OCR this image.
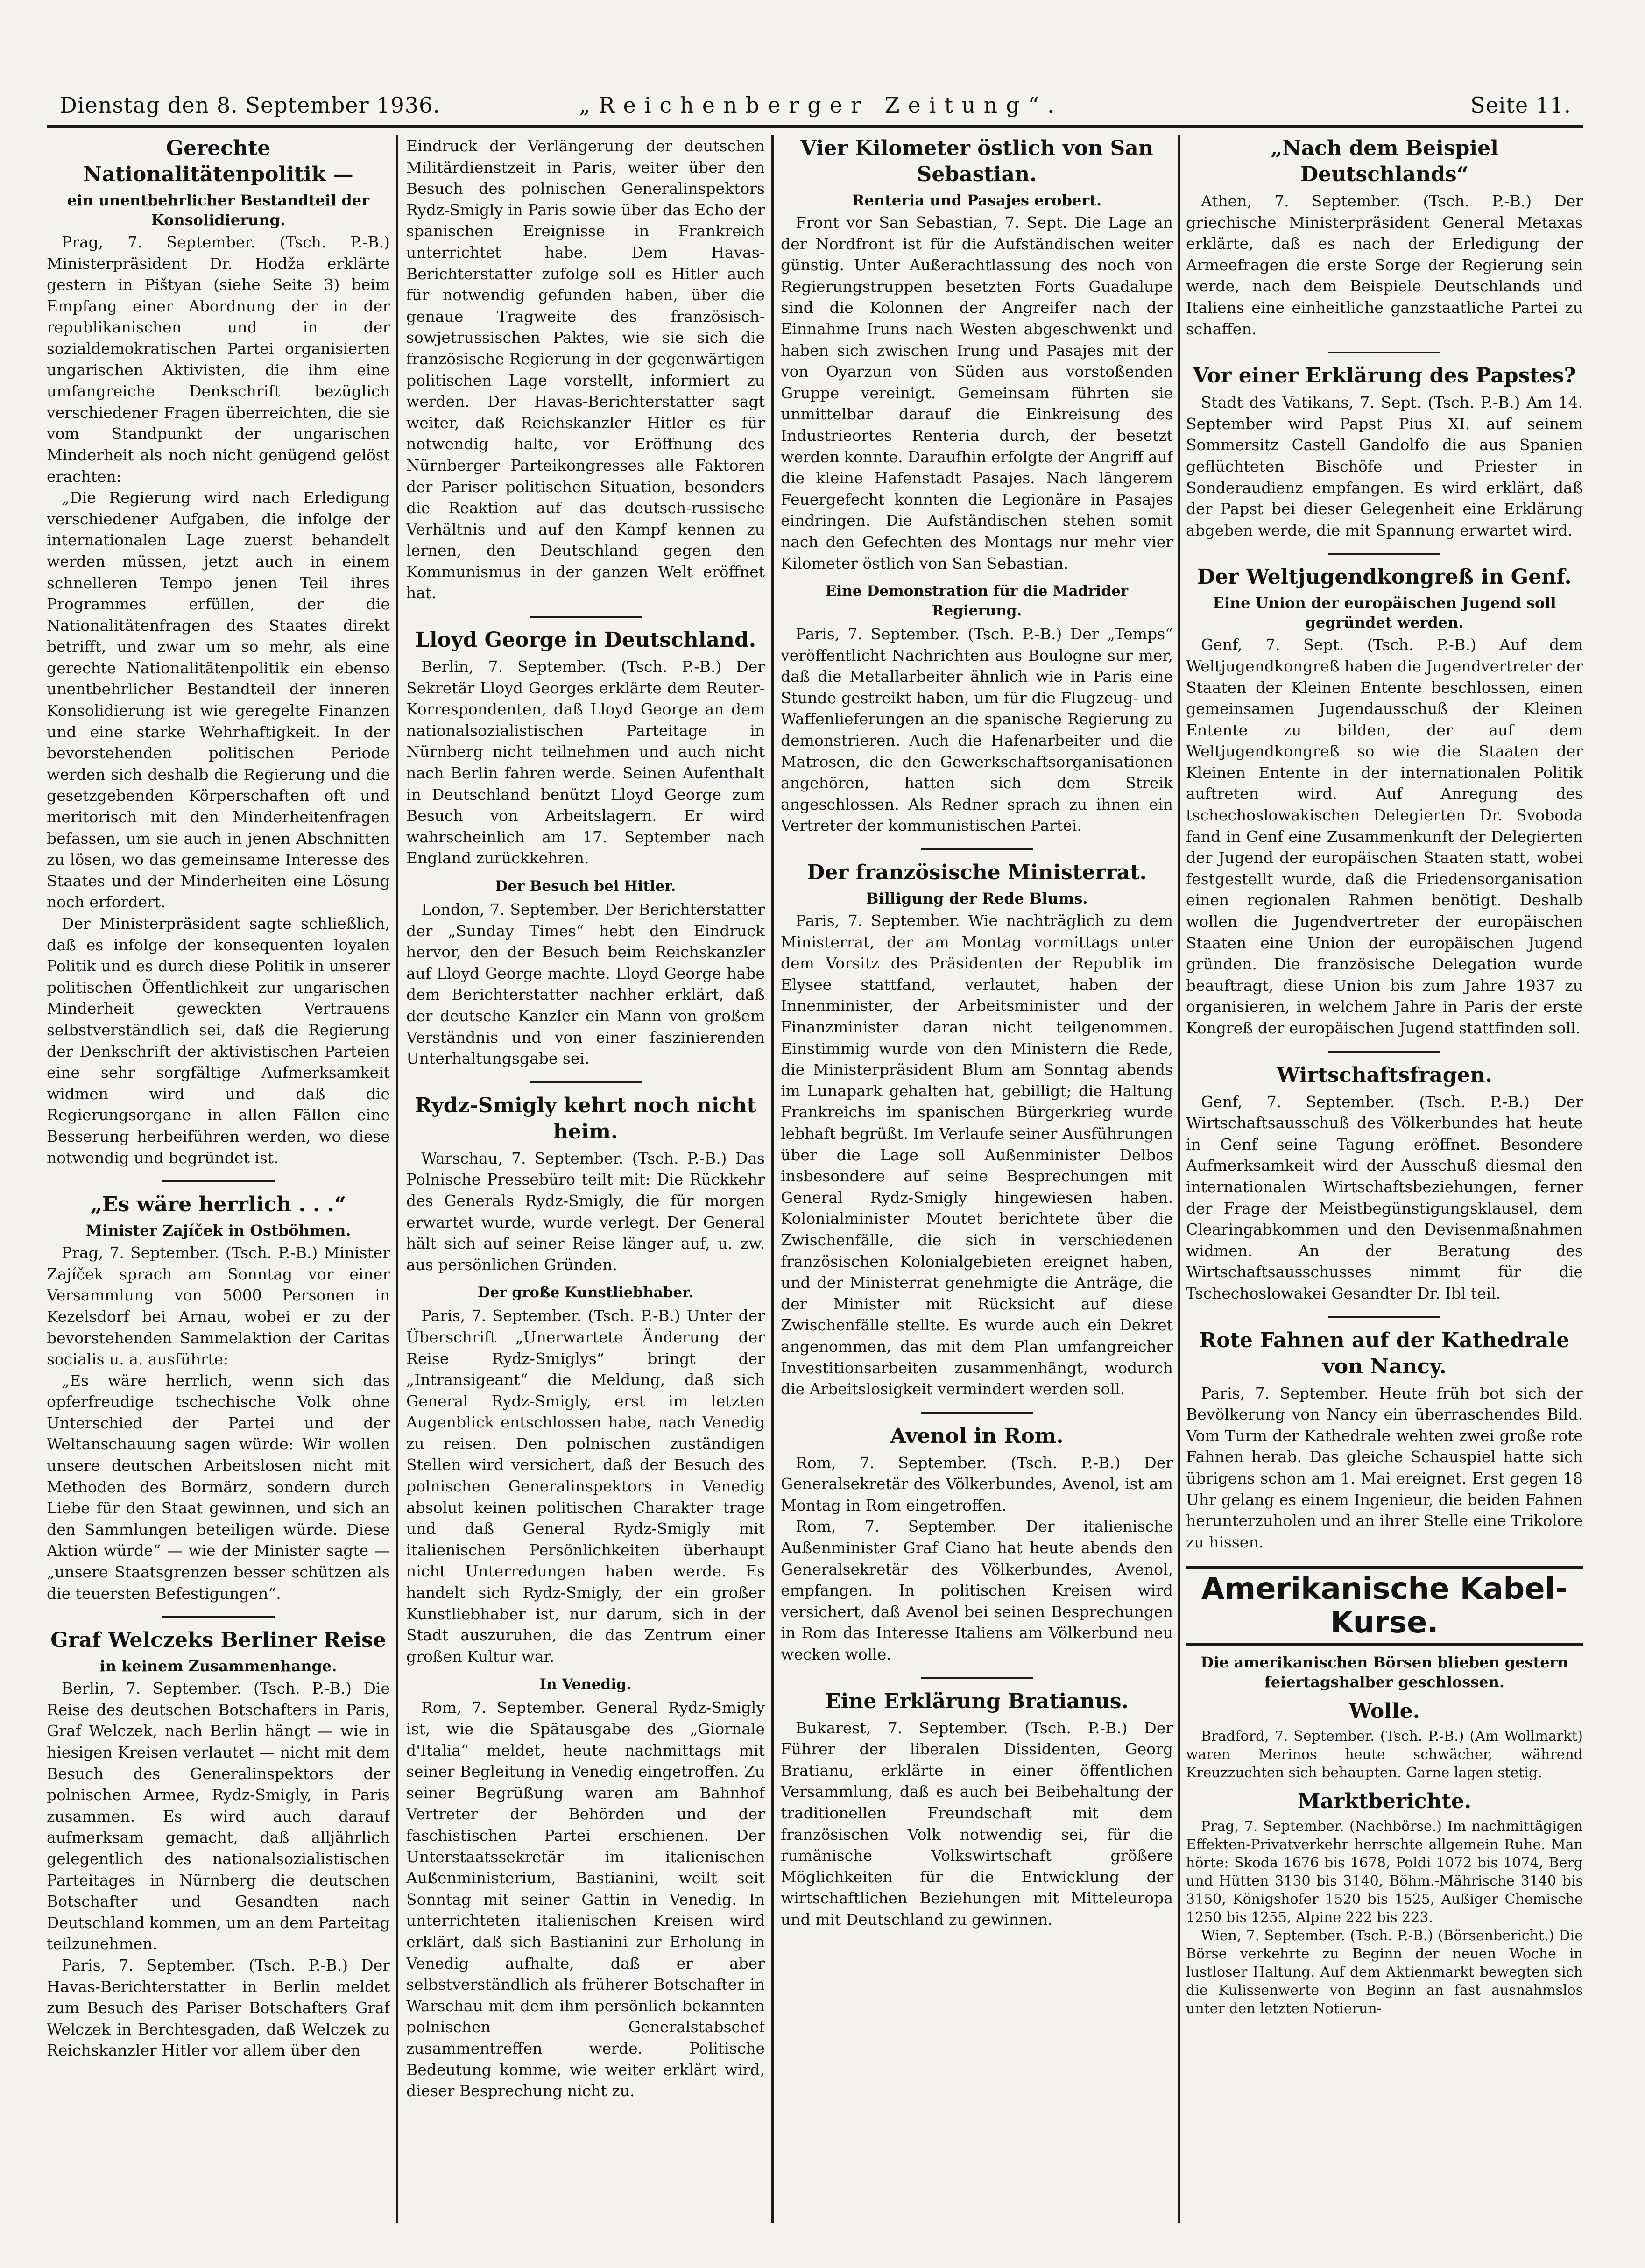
Dienstag den 8. September 1936.	„Reichenberger Zeitung“.	Seite 11.
Gerechte Nationalitätenpolitik —
ein unentbehrlicher Bestandteil der Konsolidierung.

Prag, 7. September. (Tsch. P.-B.) Ministerpräsident Dr. Hodža erklärte gestern in Pištyan (siehe Seite 3) beim Empfang einer Abordnung der in der republikanischen und in der sozialdemokratischen Partei organisierten ungarischen Aktivisten, die ihm eine umfangreiche Denkschrift bezüglich verschiedener Fragen überreichten, die sie vom Standpunkt der ungarischen Minderheit als noch nicht genügend gelöst erachten:

„Die Regierung wird nach Erledigung verschiedener Aufgaben, die infolge der internationalen Lage zuerst behandelt werden müssen, jetzt auch in einem schnelleren Tempo jenen Teil ihres Programmes erfüllen, der die Nationalitätenfragen des Staates direkt betrifft, und zwar um so mehr, als eine gerechte Nationalitätenpolitik ein ebenso unentbehrlicher Bestandteil der inneren Konsolidierung ist wie geregelte Finanzen und eine starke Wehrhaftigkeit. In der bevorstehenden politischen Periode werden sich deshalb die Regierung und die gesetzgebenden Körperschaften oft und meritorisch mit den Minderheitenfragen befassen, um sie auch in jenen Abschnitten zu lösen, wo das gemeinsame Interesse des Staates und der Minderheiten eine Lösung noch erfordert.

Der Ministerpräsident sagte schließlich, daß es infolge der konsequenten loyalen Politik und es durch diese Politik in unserer politischen Öffentlichkeit zur ungarischen Minderheit geweckten Vertrauens selbstverständlich sei, daß die Regierung der Denkschrift der aktivistischen Parteien eine sehr sorgfältige Aufmerksamkeit widmen wird und daß die Regierungsorgane in allen Fällen eine Besserung herbeiführen werden, wo diese notwendig und begründet ist.

„Es wäre herrlich . . .“
Minister Zajíček in Ostböhmen.

Prag, 7. September. (Tsch. P.-B.) Minister Zajíček sprach am Sonntag vor einer Versammlung von 5000 Personen in Kezelsdorf bei Arnau, wobei er zu der bevorstehenden Sammelaktion der Caritas socialis u. a. ausführte:

„Es wäre herrlich, wenn sich das opferfreudige tschechische Volk ohne Unterschied der Partei und der Weltanschauung sagen würde: Wir wollen unsere deutschen Arbeitslosen nicht mit Methoden des Bormärz, sondern durch Liebe für den Staat gewinnen, und sich an den Sammlungen beteiligen würde. Diese Aktion würde“ — wie der Minister sagte — „unsere Staatsgrenzen besser schützen als die teuersten Befestigungen“.

Graf Welczeks Berliner Reise
in keinem Zusammenhange.

Berlin, 7. September. (Tsch. P.-B.) Die Reise des deutschen Botschafters in Paris, Graf Welczek, nach Berlin hängt — wie in hiesigen Kreisen verlautet — nicht mit dem Besuch des Generalinspektors der polnischen Armee, Rydz-Smigly, in Paris zusammen. Es wird auch darauf aufmerksam gemacht, daß alljährlich gelegentlich des nationalsozialistischen Parteitages in Nürnberg die deutschen Botschafter und Gesandten nach Deutschland kommen, um an dem Parteitag teilzunehmen.

Paris, 7. September. (Tsch. P.-B.) Der Havas-Berichterstatter in Berlin meldet zum Besuch des Pariser Botschafters Graf Welczek in Berchtesgaden, daß Welczek zu Reichskanzler Hitler vor allem über den

Eindruck der Verlängerung der deutschen Militärdienstzeit in Paris, weiter über den Besuch des polnischen Generalinspektors Rydz-Smigly in Paris sowie über das Echo der spanischen Ereignisse in Frankreich unterrichtet habe. Dem Havas-Berichterstatter zufolge soll es Hitler auch für notwendig gefunden haben, über die genaue Tragweite des französisch-sowjetrussischen Paktes, wie sie sich die französische Regierung in der gegenwärtigen politischen Lage vorstellt, informiert zu werden. Der Havas-Berichterstatter sagt weiter, daß Reichskanzler Hitler es für notwendig halte, vor Eröffnung des Nürnberger Parteikongresses alle Faktoren der Pariser politischen Situation, besonders die Reaktion auf das deutsch-russische Verhältnis und auf den Kampf kennen zu lernen, den Deutschland gegen den Kommunismus in der ganzen Welt eröffnet hat.

Lloyd George in Deutschland.

Berlin, 7. September. (Tsch. P.-B.) Der Sekretär Lloyd Georges erklärte dem Reuter-Korrespondenten, daß Lloyd George an dem nationalsozialistischen Parteitage in Nürnberg nicht teilnehmen und auch nicht nach Berlin fahren werde. Seinen Aufenthalt in Deutschland benützt Lloyd George zum Besuch von Arbeitslagern. Er wird wahrscheinlich am 17. September nach England zurückkehren.

Der Besuch bei Hitler.

London, 7. September. Der Berichterstatter der „Sunday Times“ hebt den Eindruck hervor, den der Besuch beim Reichskanzler auf Lloyd George machte. Lloyd George habe dem Berichterstatter nachher erklärt, daß der deutsche Kanzler ein Mann von großem Verständnis und von einer faszinierenden Unterhaltungsgabe sei.

Rydz-Smigly kehrt noch nicht heim.

Warschau, 7. September. (Tsch. P.-B.) Das Polnische Pressebüro teilt mit: Die Rückkehr des Generals Rydz-Smigly, die für morgen erwartet wurde, wurde verlegt. Der General hält sich auf seiner Reise länger auf, u. zw. aus persönlichen Gründen.

Der große Kunstliebhaber.

Paris, 7. September. (Tsch. P.-B.) Unter der Überschrift „Unerwartete Änderung der Reise Rydz-Smiglys“ bringt der „Intransigeant“ die Meldung, daß sich General Rydz-Smigly, erst im letzten Augenblick entschlossen habe, nach Venedig zu reisen. Den polnischen zuständigen Stellen wird versichert, daß der Besuch des polnischen Generalinspektors in Venedig absolut keinen politischen Charakter trage und daß General Rydz-Smigly mit italienischen Persönlichkeiten überhaupt nicht Unterredungen haben werde. Es handelt sich Rydz-Smigly, der ein großer Kunstliebhaber ist, nur darum, sich in der Stadt auszuruhen, die das Zentrum einer großen Kultur war.

In Venedig.

Rom, 7. September. General Rydz-Smigly ist, wie die Spätausgabe des „Giornale d'Italia“ meldet, heute nachmittags mit seiner Begleitung in Venedig eingetroffen. Zu seiner Begrüßung waren am Bahnhof Vertreter der Behörden und der faschistischen Partei erschienen. Der Unterstaatssekretär im italienischen Außenministerium, Bastianini, weilt seit Sonntag mit seiner Gattin in Venedig. In unterrichteten italienischen Kreisen wird erklärt, daß sich Bastianini zur Erholung in Venedig aufhalte, daß er aber selbstverständlich als früherer Botschafter in Warschau mit dem ihm persönlich bekannten polnischen Generalstabschef zusammentreffen werde. Politische Bedeutung komme, wie weiter erklärt wird, dieser Besprechung nicht zu.

Vier Kilometer östlich von San Sebastian.
Renteria und Pasajes erobert.

Front vor San Sebastian, 7. Sept. Die Lage an der Nordfront ist für die Aufständischen weiter günstig. Unter Außerachtlassung des noch von Regierungstruppen besetzten Forts Guadalupe sind die Kolonnen der Angreifer nach der Einnahme Iruns nach Westen abgeschwenkt und haben sich zwischen Irung und Pasajes mit der von Oyarzun von Süden aus vorstoßenden Gruppe vereinigt. Gemeinsam führten sie unmittelbar darauf die Einkreisung des Industrieortes Renteria durch, der besetzt werden konnte. Daraufhin erfolgte der Angriff auf die kleine Hafenstadt Pasajes. Nach längerem Feuergefecht konnten die Legionäre in Pasajes eindringen. Die Aufständischen stehen somit nach den Gefechten des Montags nur mehr vier Kilometer östlich von San Sebastian.

Eine Demonstration für die Madrider Regierung.

Paris, 7. September. (Tsch. P.-B.) Der „Temps“ veröffentlicht Nachrichten aus Boulogne sur mer, daß die Metallarbeiter ähnlich wie in Paris eine Stunde gestreikt haben, um für die Flugzeug- und Waffenlieferungen an die spanische Regierung zu demonstrieren. Auch die Hafenarbeiter und die Matrosen, die den Gewerkschaftsorganisationen angehören, hatten sich dem Streik angeschlossen. Als Redner sprach zu ihnen ein Vertreter der kommunistischen Partei.

Der französische Ministerrat.
Billigung der Rede Blums.

Paris, 7. September. Wie nachträglich zu dem Ministerrat, der am Montag vormittags unter dem Vorsitz des Präsidenten der Republik im Elysee stattfand, verlautet, haben der Innenminister, der Arbeitsminister und der Finanzminister daran nicht teilgenommen. Einstimmig wurde von den Ministern die Rede, die Ministerpräsident Blum am Sonntag abends im Lunapark gehalten hat, gebilligt; die Haltung Frankreichs im spanischen Bürgerkrieg wurde lebhaft begrüßt. Im Verlaufe seiner Ausführungen über die Lage soll Außenminister Delbos insbesondere auf seine Besprechungen mit General Rydz-Smigly hingewiesen haben. Kolonialminister Moutet berichtete über die Zwischenfälle, die sich in verschiedenen französischen Kolonialgebieten ereignet haben, und der Ministerrat genehmigte die Anträge, die der Minister mit Rücksicht auf diese Zwischenfälle stellte. Es wurde auch ein Dekret angenommen, das mit dem Plan umfangreicher Investitionsarbeiten zusammenhängt, wodurch die Arbeitslosigkeit vermindert werden soll.

Avenol in Rom.

Rom, 7. September. (Tsch. P.-B.) Der Generalsekretär des Völkerbundes, Avenol, ist am Montag in Rom eingetroffen.

Rom, 7. September. Der italienische Außenminister Graf Ciano hat heute abends den Generalsekretär des Völkerbundes, Avenol, empfangen. In politischen Kreisen wird versichert, daß Avenol bei seinen Besprechungen in Rom das Interesse Italiens am Völkerbund neu wecken wolle.

Eine Erklärung Bratianus.

Bukarest, 7. September. (Tsch. P.-B.) Der Führer der liberalen Dissidenten, Georg Bratianu, erklärte in einer öffentlichen Versammlung, daß es auch bei Beibehaltung der traditionellen Freundschaft mit dem französischen Volk notwendig sei, für die rumänische Volkswirtschaft größere Möglichkeiten für die Entwicklung der wirtschaftlichen Beziehungen mit Mitteleuropa und mit Deutschland zu gewinnen.

„Nach dem Beispiel Deutschlands“

Athen, 7. September. (Tsch. P.-B.) Der griechische Ministerpräsident General Metaxas erklärte, daß es nach der Erledigung der Armeefragen die erste Sorge der Regierung sein werde, nach dem Beispiele Deutschlands und Italiens eine einheitliche ganzstaatliche Partei zu schaffen.

Vor einer Erklärung des Papstes?

Stadt des Vatikans, 7. Sept. (Tsch. P.-B.) Am 14. September wird Papst Pius XI. auf seinem Sommersitz Castell Gandolfo die aus Spanien geflüchteten Bischöfe und Priester in Sonderaudienz empfangen. Es wird erklärt, daß der Papst bei dieser Gelegenheit eine Erklärung abgeben werde, die mit Spannung erwartet wird.

Der Weltjugendkongreß in Genf.
Eine Union der europäischen Jugend soll gegründet werden.

Genf, 7. Sept. (Tsch. P.-B.) Auf dem Weltjugendkongreß haben die Jugendvertreter der Staaten der Kleinen Entente beschlossen, einen gemeinsamen Jugendausschuß der Kleinen Entente zu bilden, der auf dem Weltjugendkongreß so wie die Staaten der Kleinen Entente in der internationalen Politik auftreten wird. Auf Anregung des tschechoslowakischen Delegierten Dr. Svoboda fand in Genf eine Zusammenkunft der Delegierten der Jugend der europäischen Staaten statt, wobei festgestellt wurde, daß die Friedensorganisation einen regionalen Rahmen benötigt. Deshalb wollen die Jugendvertreter der europäischen Staaten eine Union der europäischen Jugend gründen. Die französische Delegation wurde beauftragt, diese Union bis zum Jahre 1937 zu organisieren, in welchem Jahre in Paris der erste Kongreß der europäischen Jugend stattfinden soll.

Wirtschaftsfragen.

Genf, 7. September. (Tsch. P.-B.) Der Wirtschaftsausschuß des Völkerbundes hat heute in Genf seine Tagung eröffnet. Besondere Aufmerksamkeit wird der Ausschuß diesmal den internationalen Wirtschaftsbeziehungen, ferner der Frage der Meistbegünstigungsklausel, dem Clearingabkommen und den Devisenmaßnahmen widmen. An der Beratung des Wirtschaftsausschusses nimmt für die Tschechoslowakei Gesandter Dr. Ibl teil.

Rote Fahnen auf der Kathedrale von Nancy.

Paris, 7. September. Heute früh bot sich der Bevölkerung von Nancy ein überraschendes Bild. Vom Turm der Kathedrale wehten zwei große rote Fahnen herab. Das gleiche Schauspiel hatte sich übrigens schon am 1. Mai ereignet. Erst gegen 18 Uhr gelang es einem Ingenieur, die beiden Fahnen herunterzuholen und an ihrer Stelle eine Trikolore zu hissen.

Amerikanische Kabel-Kurse.
Die amerikanischen Börsen blieben gestern feiertagshalber geschlossen.
Wolle.

Bradford, 7. September. (Tsch. P.-B.) (Am Wollmarkt) waren Merinos heute schwächer, während Kreuzzuchten sich behaupten. Garne lagen stetig.

Marktberichte.

Prag, 7. September. (Nachbörse.) Im nachmittägigen Effekten-Privatverkehr herrschte allgemein Ruhe. Man hörte: Skoda 1676 bis 1678, Poldi 1072 bis 1074, Berg und Hütten 3130 bis 3140, Böhm.-Mährische 3140 bis 3150, Königshofer 1520 bis 1525, Außiger Chemische 1250 bis 1255, Alpine 222 bis 223.

Wien, 7. September. (Tsch. P.-B.) (Börsenbericht.) Die Börse verkehrte zu Beginn der neuen Woche in lustloser Haltung. Auf dem Aktienmarkt bewegten sich die Kulissenwerte von Beginn an fast ausnahmslos unter den letzten Notierun-
